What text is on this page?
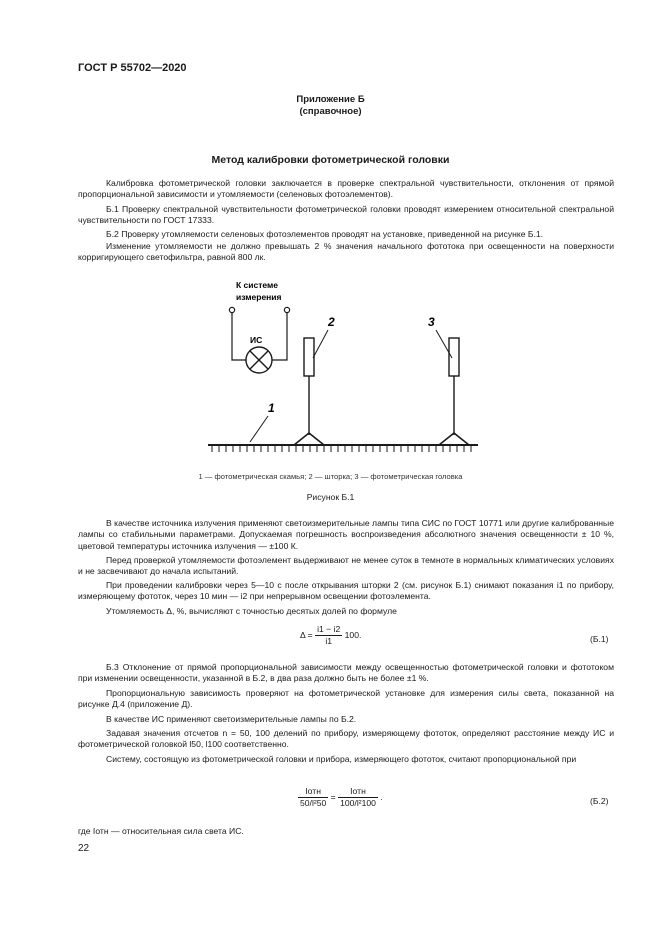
ГОСТ Р 55702—2020
Приложение Б
(справочное)
Метод калибровки фотометрической головки
Калибровка фотометрической головки заключается в проверке спектральной чувствительности, отклонения от прямой пропорциональной зависимости и утомляемости (селеновых фотоэлементов).
Б.1 Проверку спектральной чувствительности фотометрической головки проводят измерением относительной спектральной чувствительности по ГОСТ 17333.
Б.2 Проверку утомляемости селеновых фотоэлементов проводят на установке, приведенной на рисунке Б.1.
Изменение утомляемости не должно превышать 2 % значения начального фототока при освещенности на поверхности корригирующего светофильтра, равной 800 лк.
К системе
измерения
ИС
1
2	3
1 — фотометрическая скамья; 2 — шторка; 3 — фотометрическая головка
Рисунок Б.1
В качестве источника излучения применяют светоизмерительные лампы типа СИС по ГОСТ 10771 или другие калиброванные лампы со стабильными параметрами. Допускаемая погрешность воспроизведения абсолютного значения освещенности ± 10 %, цветовой температуры источника излучения — ±100 К.
Перед проверкой утомляемости фотоэлемент выдерживают не менее суток в темноте в нормальных климатических условиях и не засвечивают до начала испытаний.
При проведении калибровки через 5—10 с после открывания шторки 2 (см. рисунок Б.1) снимают показания i1 по прибору, измеряющему фототок, через 10 мин — i2 при непрерывном освещении фотоэлемента.
Утомляемость Δ, %, вычисляют с точностью десятых долей по формуле
$\Delta = \frac{i1 - i2}{i1} 100$.	(Б.1)
Б.3 Отклонение от прямой пропорциональной зависимости между освещенностью фотометрической головки и фототоком при изменении освещенности, указанной в Б.2, в два раза должно быть не более ±1 %.
Пропорциональную зависимость проверяют на фотометрической установке для измерения силы света, показанной на рисунке Д.4 (приложение Д).
В качестве ИС применяют светоизмерительные лампы по Б.2.
Задавая значения отсчетов n = 50, 100 делений по прибору, измеряющему фототок, определяют расстояние между ИС и фотометрической головкой l50, l100 соответственно.
Систему, состоящую из фотометрической головки и прибора, измеряющего фототок, считают пропорциональной при
$\frac{\text{Iотн}}{\text{50/l²50}} = \frac{\text{Iотн}}{\text{100/l²100}}$ .	(Б.2)
где Iотн — относительная сила света ИС.
22
